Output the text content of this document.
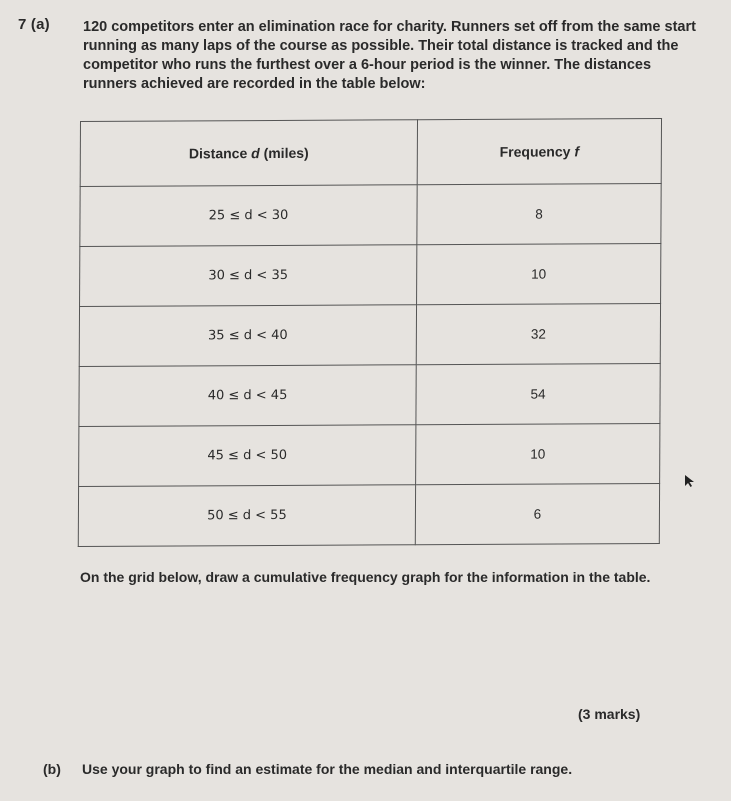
7 (a) 120 competitors enter an elimination race for charity. Runners set off from the same start
running as many laps of the course as possible. Their total distance is tracked and the
competitor who runs the furthest over a 6-hour period is the winner. The distances
runners achieved are recorded in the table below:
Distance d (miles)	Frequency f
25 ≤ d < 30	8
30 ≤ d < 35	10
35 ≤ d < 40	32
40 ≤ d < 45	54
45 ≤ d < 50	10
50 ≤ d < 55	6
On the grid below, draw a cumulative frequency graph for the information in the table.
(3 marks)
(b) Use your graph to find an estimate for the median and interquartile range.
